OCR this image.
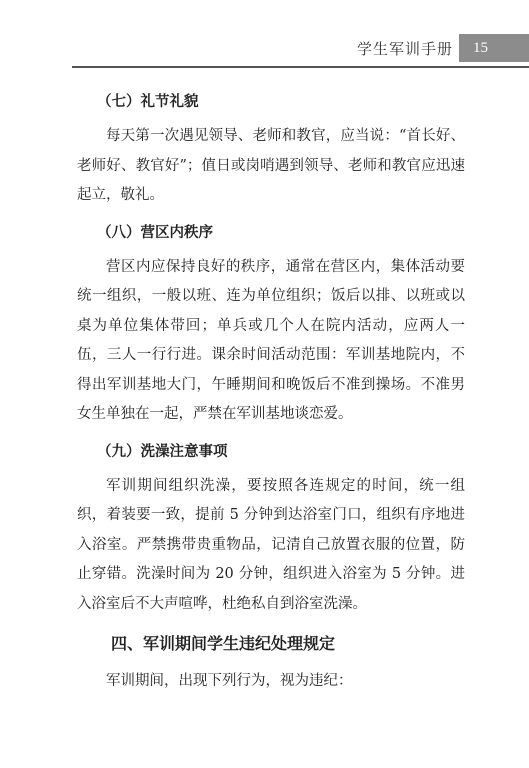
学生军训手册	15
（七）礼节礼貌

每天第一次遇见领导、老师和教官，应当说：“首长好、老师好、教官好”；值日或岗哨遇到领导、老师和教官应迅速起立，敬礼。

（八）营区内秩序

营区内应保持良好的秩序，通常在营区内，集体活动要统一组织，一般以班、连为单位组织；饭后以排、以班或以桌为单位集体带回；单兵或几个人在院内活动，应两人一伍，三人一行行进。课余时间活动范围：军训基地院内，不得出军训基地大门，午睡期间和晚饭后不准到操场。不准男女生单独在一起，严禁在军训基地谈恋爱。

（九）洗澡注意事项

军训期间组织洗澡，要按照各连规定的时间，统一组织，着装要一致，提前 5 分钟到达浴室门口，组织有序地进入浴室。严禁携带贵重物品，记清自己放置衣服的位置，防止穿错。洗澡时间为 20 分钟，组织进入浴室为 5 分钟。进入浴室后不大声喧哗，杜绝私自到浴室洗澡。

四、军训期间学生违纪处理规定

军训期间，出现下列行为，视为违纪：
